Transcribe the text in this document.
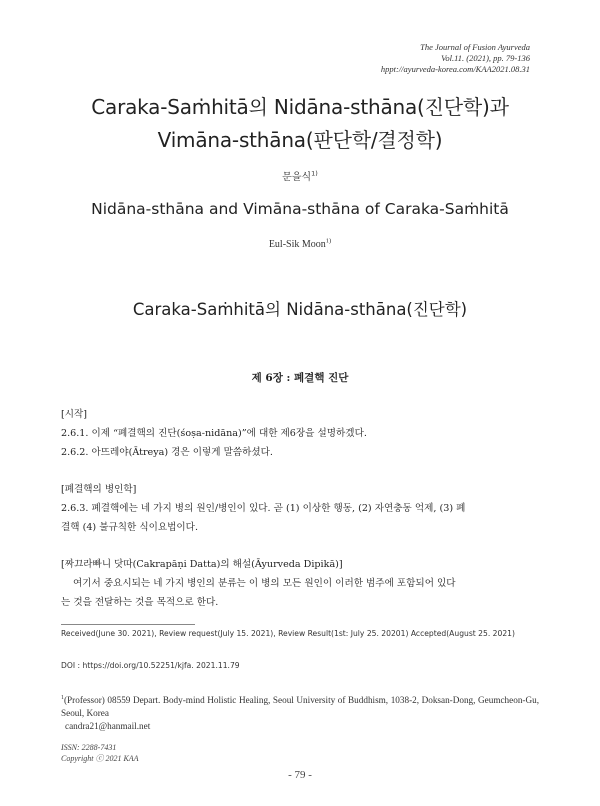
The Journal of Fusion Ayurveda
Vol.11. (2021), pp. 79-136
hppt://ayurveda-korea.com/KAA2021.08.31
Caraka-Saṁhitā의 Nidāna-sthāna(진단학)과
Vimāna-sthāna(판단학/결정학)
문을식$^{1)}$
Nidāna-sthāna and Vimāna-sthāna of Caraka-Saṁhitā
Eul-Sik Moon$^{1)}$
Caraka-Saṁhitā의 Nidāna-sthāna(진단학)
제 6장 : 폐결핵 진단
[시작]
2.6.1. 이제 “폐결핵의 진단(śoṣa-nidāna)”에 대한 제6장을 설명하겠다.
2.6.2. 아뜨레야(Ātreya) 경은 이렇게 말씀하셨다.
[폐결핵의 병인학]
2.6.3. 폐결핵에는 네 가지 병의 원인/병인이 있다. 곧 (1) 이상한 행동, (2) 자연충동 억제, (3) 폐
결핵 (4) 불규칙한 식이요법이다.
[짜끄라빠니 닷따(Cakrapāṇi Datta)의 해설(Āyurveda Dipikā)]
여기서 중요시되는 네 가지 병인의 분류는 이 병의 모든 원인이 이러한 범주에 포함되어 있다
는 것을 전달하는 것을 목적으로 한다.
Received(June 30. 2021), Review request(July 15. 2021), Review Result(1st: July 25. 20201) Accepted(August 25. 2021)
DOI : https://doi.org/10.52251/kjfa. 2021.11.79
$^1$(Professor) 08559 Depart. Body-mind Holistic Healing, Seoul University of Buddhism, 1038-2, Doksan-Dong, Geumcheon-Gu, Seoul, Korea
candra21@hanmail.net
ISSN: 2288-7431
Copyright ⓒ 2021 KAA
- 79 -
